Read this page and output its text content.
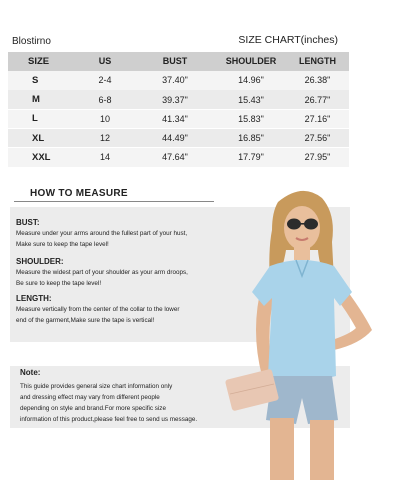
Blostirno	SIZE CHART(inches)
SIZE	US	BUST	SHOULDER	LENGTH
S	2-4	37.40"	14.96"	26.38"
M	6-8	39.37"	15.43"	26.77"
L	10	41.34"	15.83"	27.16"
XL	12	44.49"	16.85"	27.56"
XXL	14	47.64"	17.79"	27.95"
HOW TO MEASURE
BUST:
Measure under your arms around the fullest part of your hust,
Make sure to keep the tape level!
SHOULDER:
Measure the widest part of your shoulder as your arm droops,
Be sure to keep the tape level!
LENGTH:
Measure vertically from the center of the collar to the lower
end of the garment,Make sure the tape is vertical!
Note:
This guide provides general size chart information only
and dressing effect may vary from different people
depending on style and brand.For more specific size
information of this product,please feel free to send us message.
